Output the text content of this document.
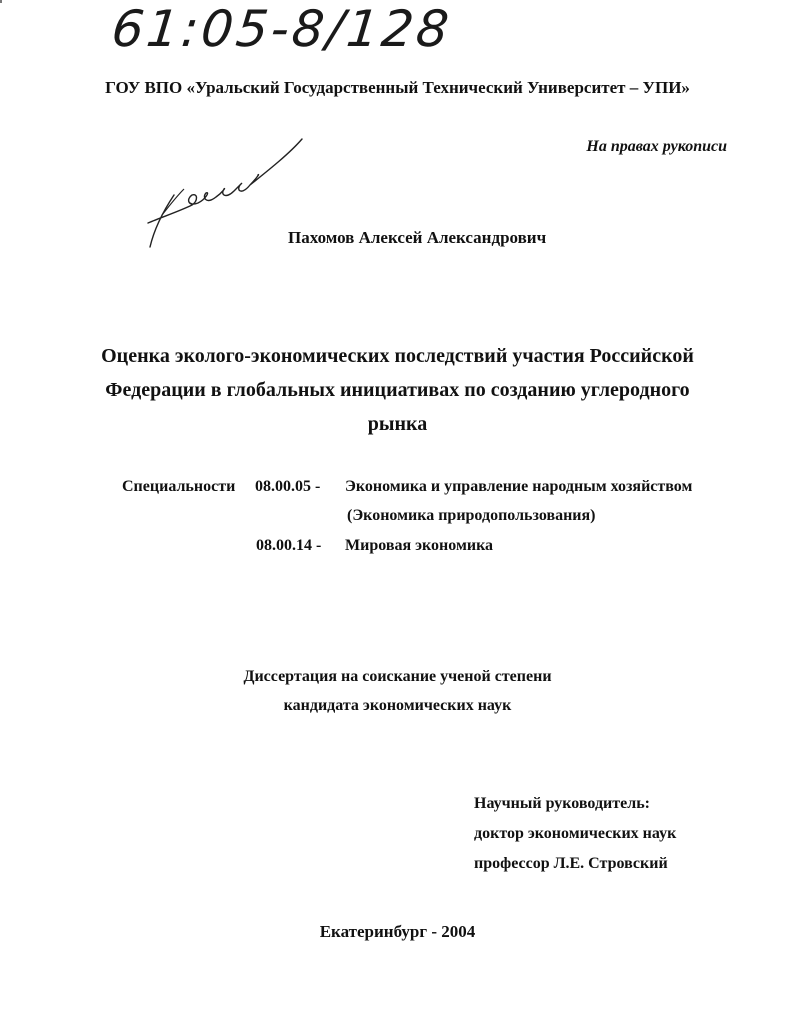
61:05-8/128
ГОУ ВПО «Уральский Государственный Технический Университет – УПИ»
На правах рукописи
Пахомов Алексей Александрович
Оценка эколого-экономических последствий участия Российской
Федерации в глобальных инициативах по созданию углеродного
рынка
Специальности 08.00.05 - Экономика и управление народным хозяйством
(Экономика природопользования)
08.00.14 - Мировая экономика
Диссертация на соискание ученой степени
кандидата экономических наук
Научный руководитель:
доктор экономических наук
профессор Л.Е. Стровский
Екатеринбург - 2004
